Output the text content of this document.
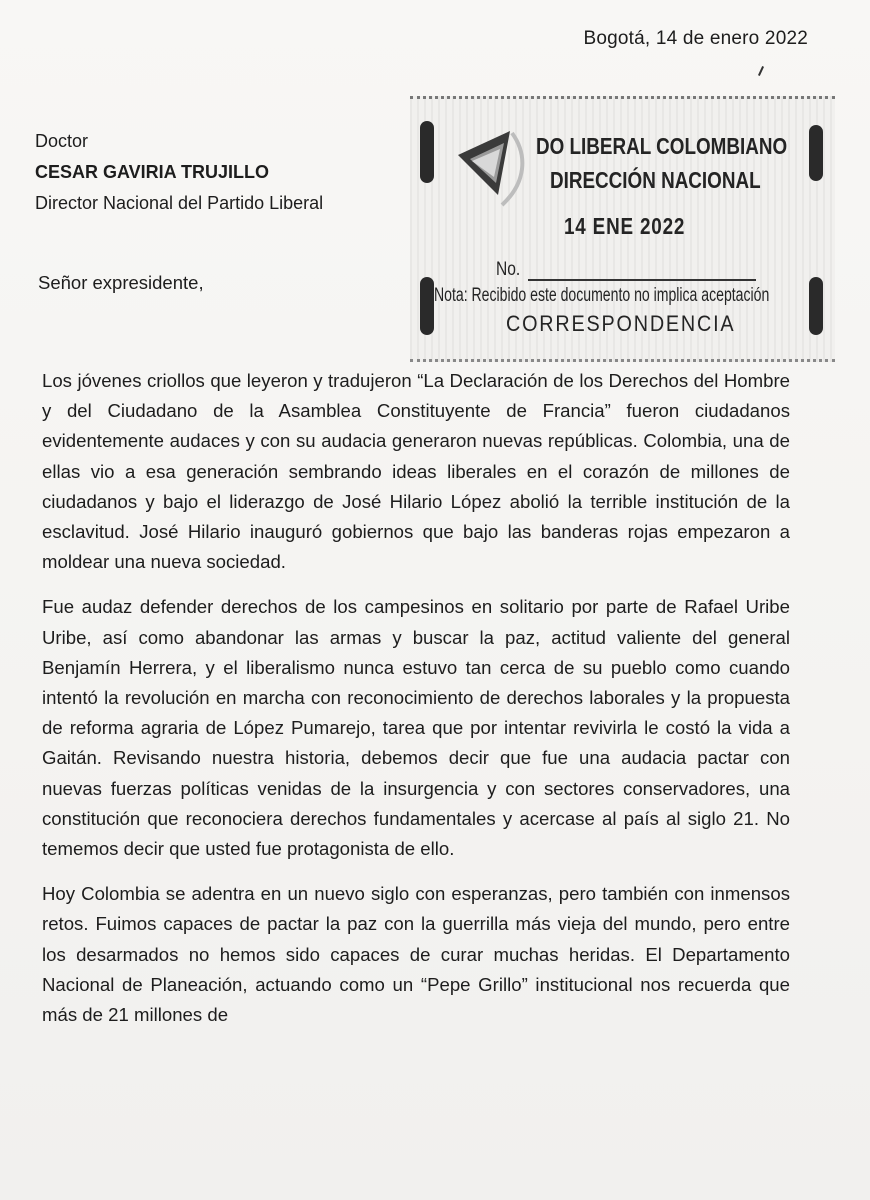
Bogotá, 14 de enero 2022
Doctor
CESAR GAVIRIA TRUJILLO
Director Nacional del Partido Liberal
DO LIBERAL COLOMBIANO
DIRECCIÓN NACIONAL
14 ENE 2022
No.
Nota: Recibido este documento no implica aceptación
CORRESPONDENCIA
Señor expresidente,

Los jóvenes criollos que leyeron y tradujeron “La Declaración de los Derechos del Hombre y del Ciudadano de la Asamblea Constituyente de Francia” fueron ciudadanos evidentemente audaces y con su audacia generaron nuevas repúblicas. Colombia, una de ellas vio a esa generación sembrando ideas liberales en el corazón de millones de ciudadanos y bajo el liderazgo de José Hilario López abolió la terrible institución de la esclavitud. José Hilario inauguró gobiernos que bajo las banderas rojas empezaron a moldear una nueva sociedad.

Fue audaz defender derechos de los campesinos en solitario por parte de Rafael Uribe Uribe, así como abandonar las armas y buscar la paz, actitud valiente del general Benjamín Herrera, y el liberalismo nunca estuvo tan cerca de su pueblo como cuando intentó la revolución en marcha con reconocimiento de derechos laborales y la propuesta de reforma agraria de López Pumarejo, tarea que por intentar revivirla le costó la vida a Gaitán. Revisando nuestra historia, debemos decir que fue una audacia pactar con nuevas fuerzas políticas venidas de la insurgencia y con sectores conservadores, una constitución que reconociera derechos fundamentales y acercase al país al siglo 21. No tememos decir que usted fue protagonista de ello.

Hoy Colombia se adentra en un nuevo siglo con esperanzas, pero también con inmensos retos. Fuimos capaces de pactar la paz con la guerrilla más vieja del mundo, pero entre los desarmados no hemos sido capaces de curar muchas heridas. El Departamento Nacional de Planeación, actuando como un “Pepe Grillo” institucional nos recuerda que más de 21 millones de
